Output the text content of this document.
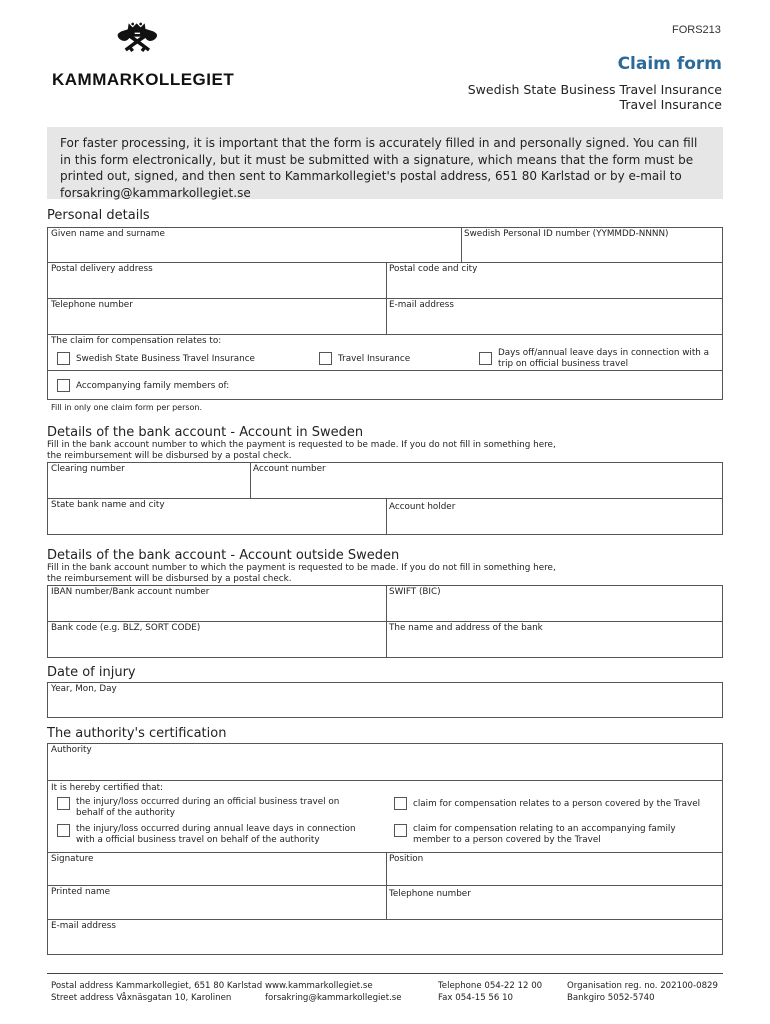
FORS213
KAMMARKOLLEGIET
Claim form
Swedish State Business Travel Insurance
Travel Insurance
For faster processing, it is important that the form is accurately filled in and personally signed. You can fill in this form electronically, but it must be submitted with a signature, which means that the form must be printed out, signed, and then sent to Kammarkollegiet's postal address, 651 80 Karlstad or by e-mail to forsakring@kammarkollegiet.se
Personal details
Given name and surname	Swedish Personal ID number (YYMMDD-NNNN)
Postal delivery address	Postal code and city
Telephone number	E-mail address
The claim for compensation relates to:
Swedish State Business Travel Insurance	Travel Insurance
Days off/annual leave days in connection with a trip on official business travel
Accompanying family members of:
Fill in only one claim form per person.
Details of the bank account - Account in Sweden
Fill in the bank account number to which the payment is requested to be made. If you do not fill in something here,
the reimbursement will be disbursed by a postal check.
Clearing number	Account number
State bank name and city	Account holder
Details of the bank account - Account outside Sweden
Fill in the bank account number to which the payment is requested to be made. If you do not fill in something here,
the reimbursement will be disbursed by a postal check.
IBAN number/Bank account number	SWIFT (BIC)
Bank code (e.g. BLZ, SORT CODE)	The name and address of the bank
Date of injury
Year, Mon, Day
The authority's certification
Authority
It is hereby certified that:
the injury/loss occurred during an official business travel on behalf of the authority
claim for compensation relates to a person covered by the Travel
the injury/loss occurred during annual leave days in connection with a official business travel on behalf of the authority
claim for compensation relating to an accompanying family member to a person covered by the Travel
Signature	Position
Printed name	Telephone number
E-mail address
Postal address Kammarkollegiet, 651 80 Karlstad
Street address Våxnäsgatan 10, Karolinen
www.kammarkollegiet.se
forsakring@kammarkollegiet.se
Telephone 054-22 12 00
Fax 054-15 56 10
Organisation reg. no. 202100-0829
Bankgiro 5052-5740
